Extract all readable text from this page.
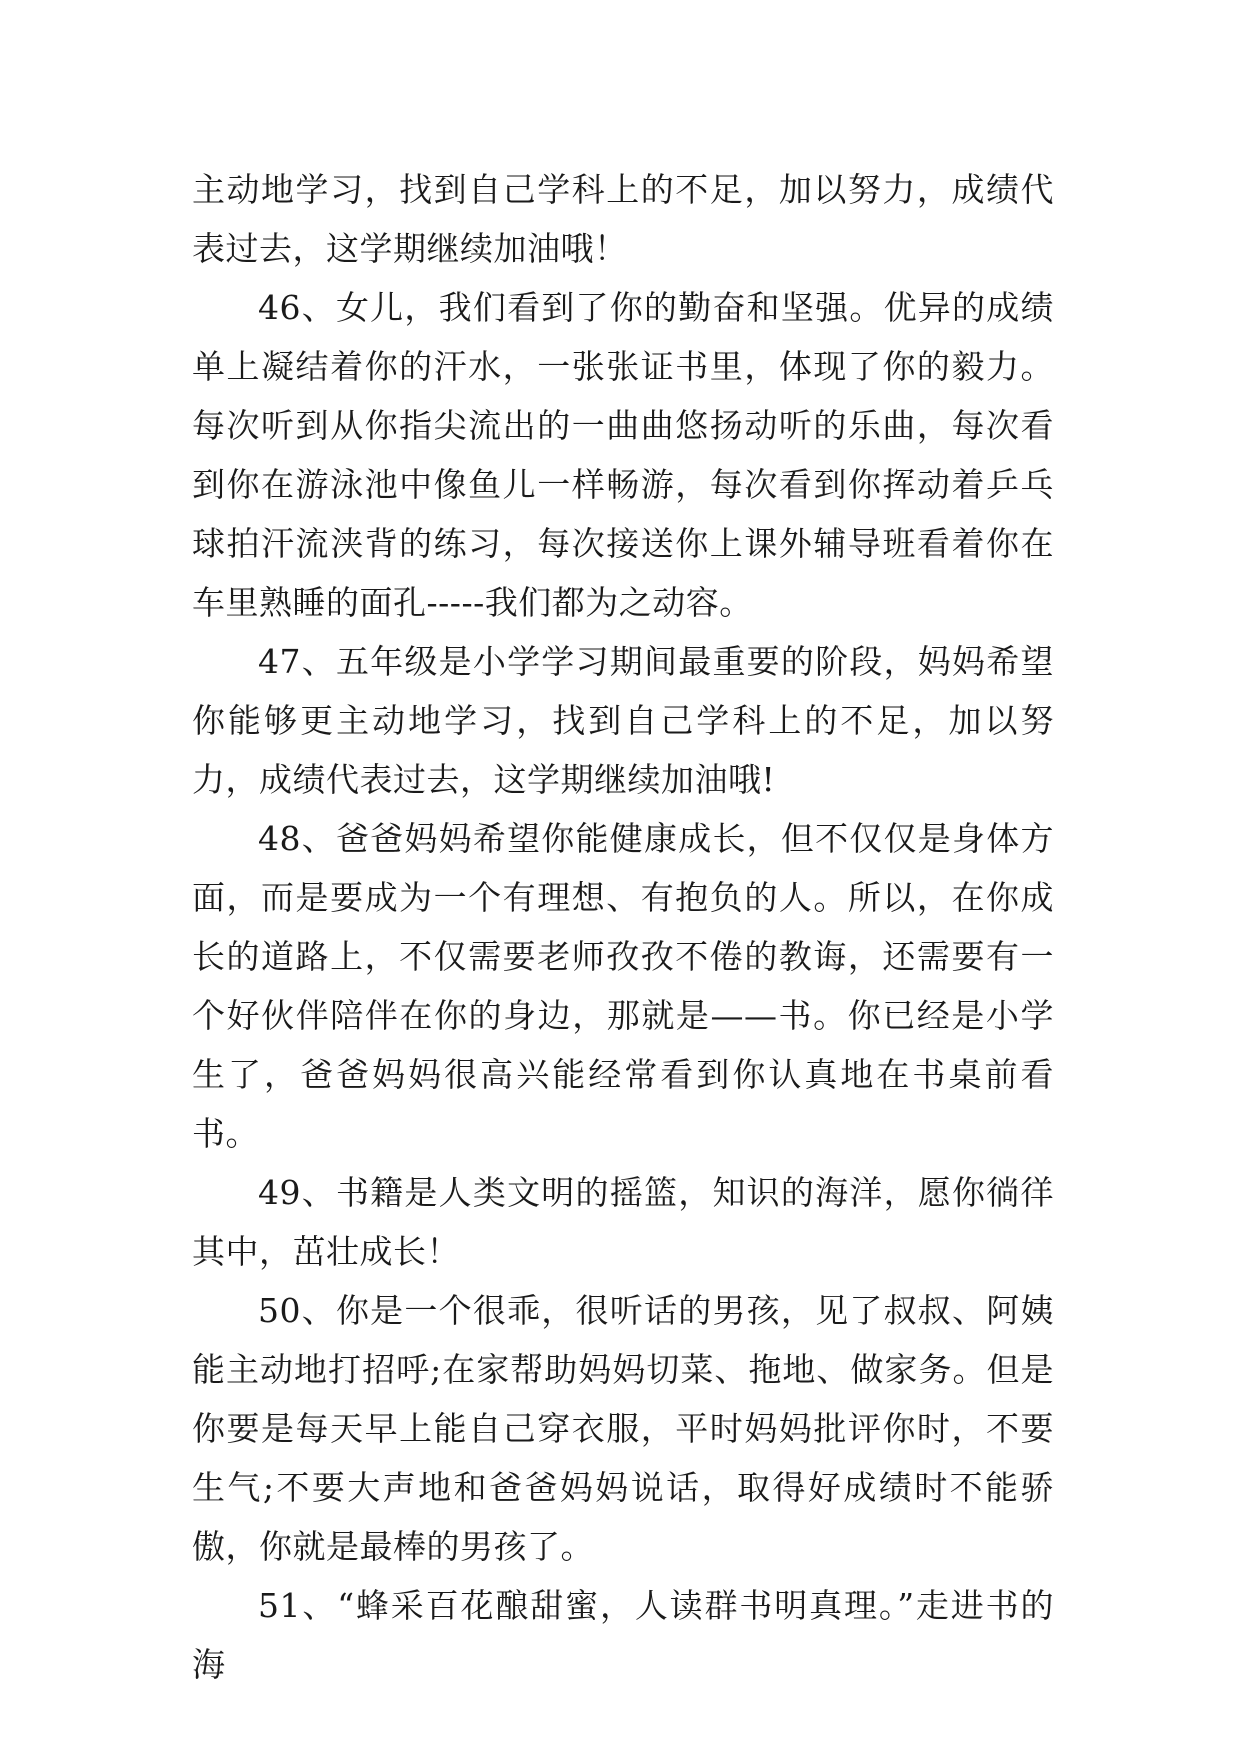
主动地学习，找到自己学科上的不足，加以努力，成绩代表过去，这学期继续加油哦！

46、女儿，我们看到了你的勤奋和坚强。优异的成绩单上凝结着你的汗水，一张张证书里，体现了你的毅力。每次听到从你指尖流出的一曲曲悠扬动听的乐曲，每次看到你在游泳池中像鱼儿一样畅游，每次看到你挥动着乒乓球拍汗流浃背的练习，每次接送你上课外辅导班看着你在车里熟睡的面孔-----我们都为之动容。

47、五年级是小学学习期间最重要的阶段，妈妈希望你能够更主动地学习，找到自己学科上的不足，加以努力，成绩代表过去，这学期继续加油哦!

48、爸爸妈妈希望你能健康成长，但不仅仅是身体方面，而是要成为一个有理想、有抱负的人。所以，在你成长的道路上，不仅需要老师孜孜不倦的教诲，还需要有一个好伙伴陪伴在你的身边，那就是——书。你已经是小学生了，爸爸妈妈很高兴能经常看到你认真地在书桌前看书。

49、书籍是人类文明的摇篮，知识的海洋，愿你徜徉其中，茁壮成长！

50、你是一个很乖，很听话的男孩，见了叔叔、阿姨能主动地打招呼;在家帮助妈妈切菜、拖地、做家务。但是你要是每天早上能自己穿衣服，平时妈妈批评你时，不要生气;不要大声地和爸爸妈妈说话，取得好成绩时不能骄傲，你就是最棒的男孩了。

51、“蜂采百花酿甜蜜，人读群书明真理。”走进书的海
